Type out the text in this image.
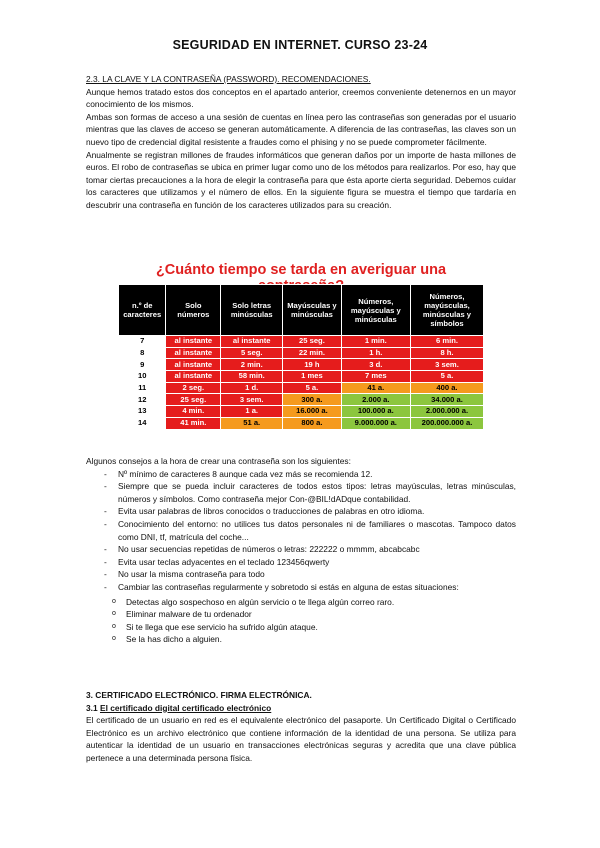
SEGURIDAD EN INTERNET. CURSO 23-24

2.3. LA CLAVE Y LA CONTRASEÑA (PASSWORD). RECOMENDACIONES.

Aunque hemos tratado estos dos conceptos en el apartado anterior, creemos conveniente detenernos en un mayor conocimiento de los mismos.

Ambas son formas de acceso a una sesión de cuentas en línea pero las contraseñas son generadas por el usuario mientras que las claves de acceso se generan automáticamente. A diferencia de las contraseñas, las claves son un nuevo tipo de credencial digital resistente a fraudes como el phising y no se puede comprometer fácilmente.

Anualmente se registran millones de fraudes informáticos que generan daños por un importe de hasta millones de euros. El robo de contraseñas se ubica en primer lugar como uno de los métodos para realizarlos. Por eso, hay que tomar ciertas precauciones a la hora de elegir la contraseña para que ésta aporte cierta seguridad. Debemos cuidar los caracteres que utilizamos y el número de ellos. En la siguiente figura se muestra el tiempo que tardaría en descubrir una contraseña en función de los caracteres utilizados para su creación.

¿Cuánto tiempo se tarda en averiguar una
n.º de caracteres	Solo números	Solo letras minúsculas	Mayúsculas y minúsculas	Números, mayúsculas y minúsculas	Números, mayúsculas, minúsculas y símbolos
7	al instante	al instante	25 seg.	1 min.	6 min.
8	al instante	5 seg.	22 min.	1 h.	8 h.
9	al instante	2 min.	19 h	3 d.	3 sem.
10	al instante	58 min.	1 mes	7 mes	5 a.
11	2 seg.	1 d.	5 a.	41 a.	400 a.
12	25 seg.	3 sem.	300 a.	2.000 a.	34.000 a.
13	4 min.	1 a.	16.000 a.	100.000 a.	2.000.000 a.
14	41 min.	51 a.	800 a.	9.000.000 a.	200.000.000 a.

Algunos consejos a la hora de crear una contraseña son los siguientes:

- Nº mínimo de caracteres 8 aunque cada vez más se recomienda 12.
- Siempre que se pueda incluir caracteres de todos estos tipos: letras mayúsculas, letras minúsculas, números y símbolos. Como contraseña mejor Con-@BIL!dADque contabilidad.
- Evita usar palabras de libros conocidos o traducciones de palabras en otro idioma.
- Conocimiento del entorno: no utilices tus datos personales ni de familiares o mascotas. Tampoco datos como DNI, tf, matrícula del coche...
- No usar secuencias repetidas de números o letras: 222222 o mmmm, abcabcabc
- Evita usar teclas adyacentes en el teclado 123456qwerty
- No usar la misma contraseña para todo
- Cambiar las contraseñas regularmente y sobretodo si estás en alguna de estas situaciones:
o Detectas algo sospechoso en algún servicio o te llega algún correo raro.
o Eliminar malware de tu ordenador
o Si te llega que ese servicio ha sufrido algún ataque.
o Se la has dicho a alguien.

3. CERTIFICADO ELECTRÓNICO. FIRMA ELECTRÓNICA.

3.1 El certificado digital certificado electrónico

El certificado de un usuario en red es el equivalente electrónico del pasaporte. Un Certificado Digital o Certificado Electrónico es un archivo electrónico que contiene información de la identidad de una persona. Se utiliza para autenticar la identidad de un usuario en transacciones electrónicas seguras y acredita que una clave pública pertenece a una determinada persona física.
